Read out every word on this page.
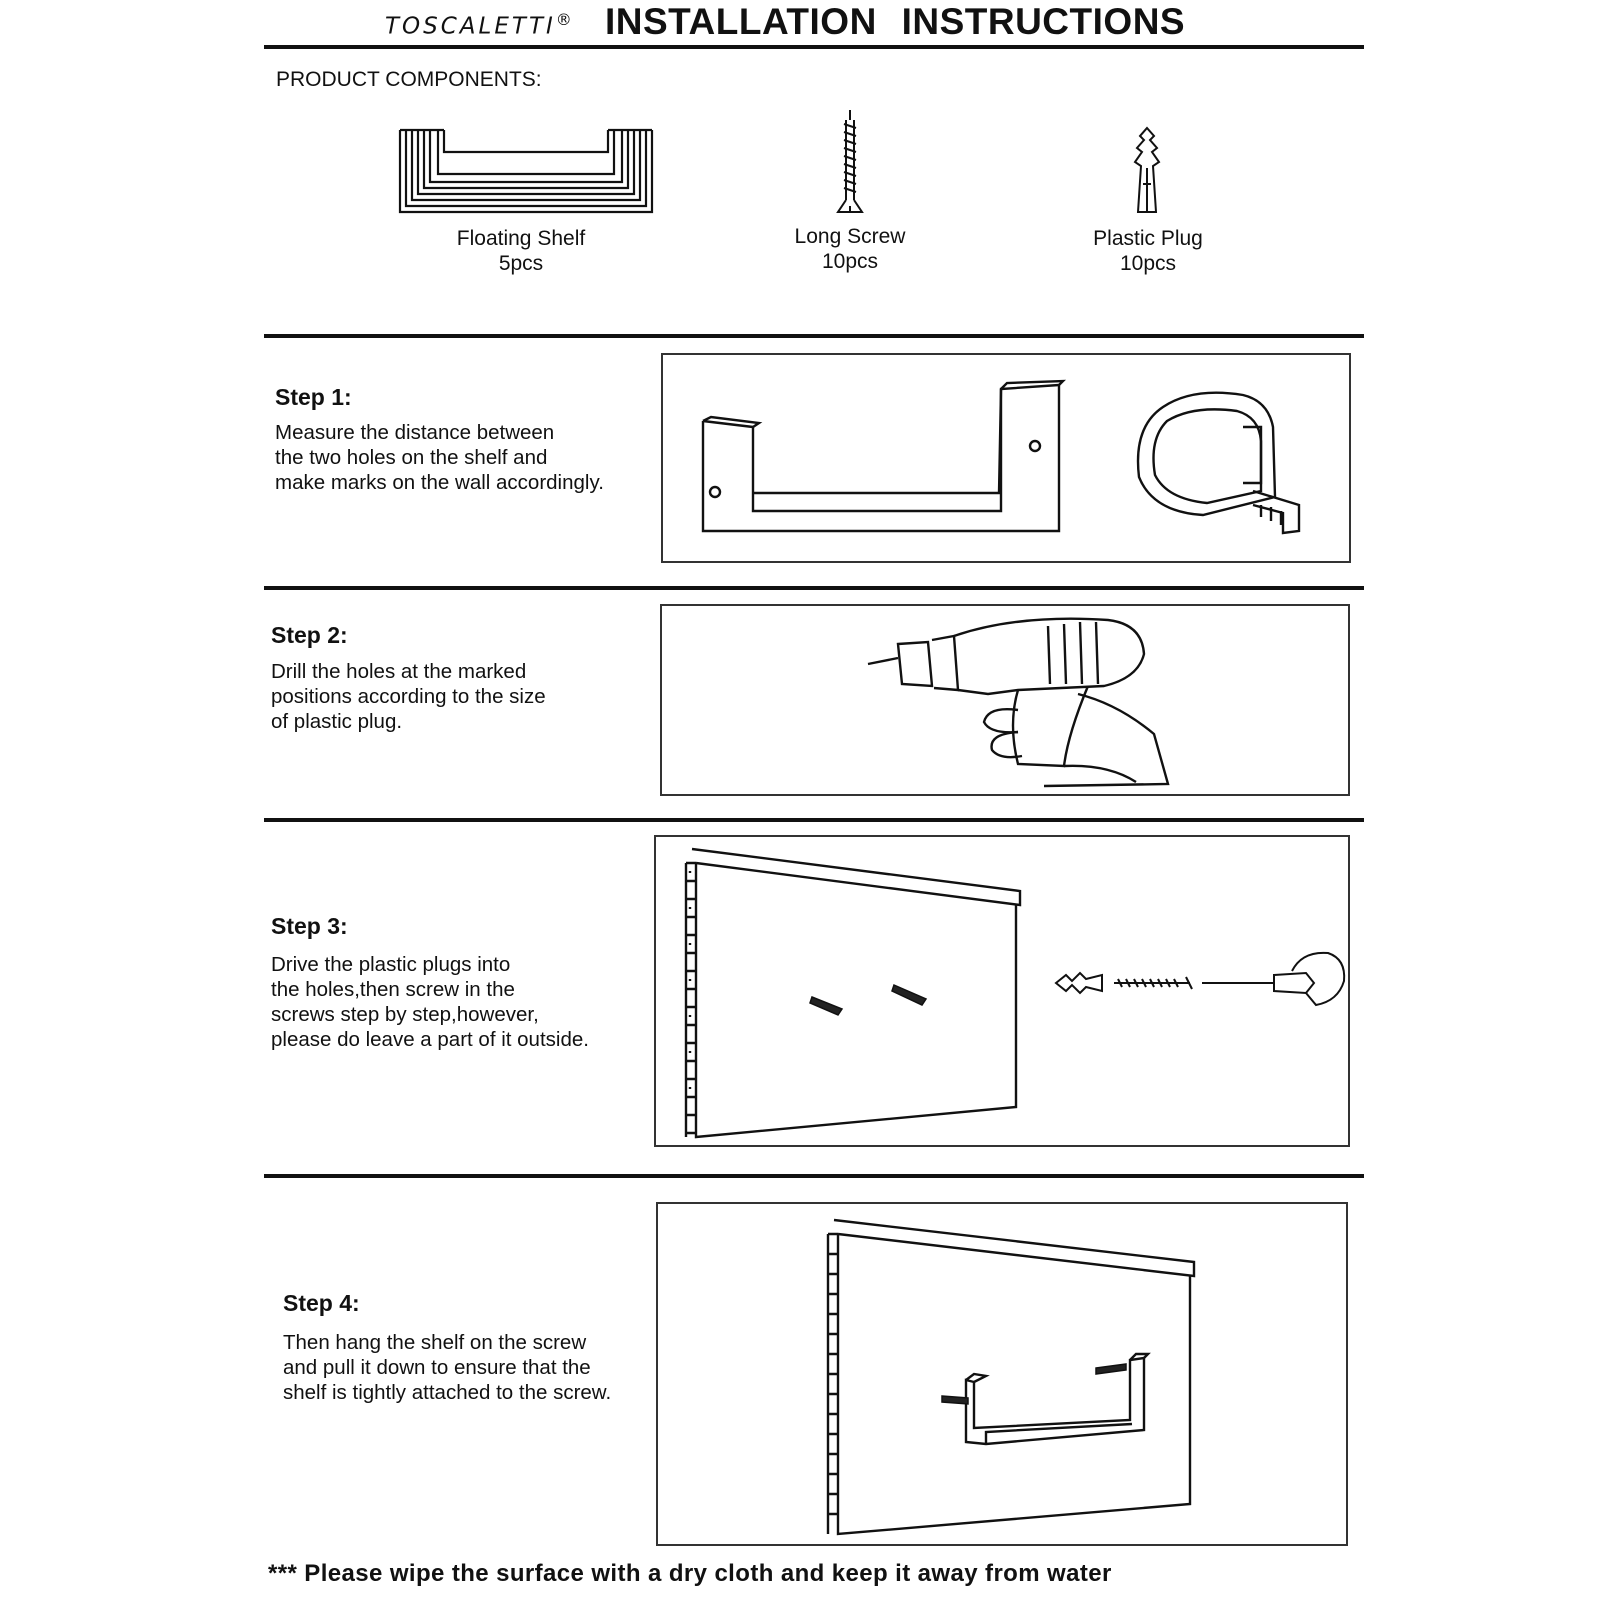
TOSCALETTI® INSTALLATION INSTRUCTIONS
PRODUCT COMPONENTS:
Floating Shelf
5pcs
Long Screw
10pcs
Plastic Plug
10pcs
Step 1:
Measure the distance between
the two holes on the shelf and
make marks on the wall accordingly.
Step 2:
Drill the holes at the marked
positions according to the size
of plastic plug.
Step 3:
Drive the plastic plugs into
the holes,then screw in the
screws step by step,however,
please do leave a part of it outside.
Step 4:
Then hang the shelf on the screw
and pull it down to ensure that the
shelf is tightly attached to the screw.
*** Please wipe the surface with a dry cloth and keep it away from water
